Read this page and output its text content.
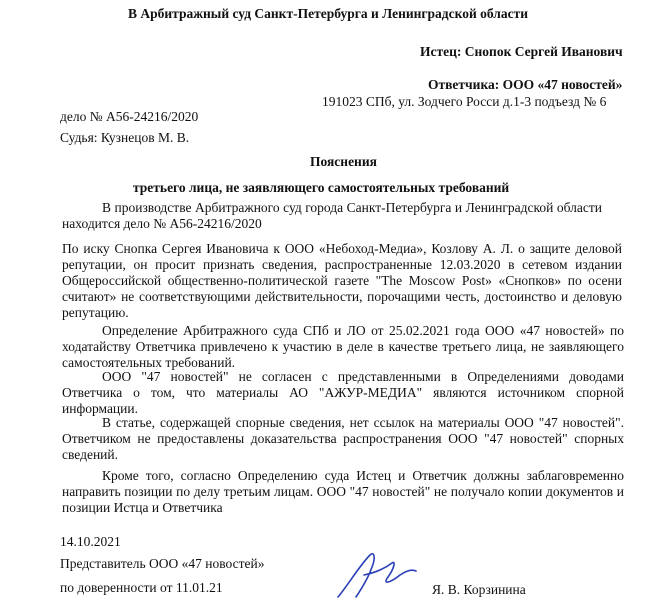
В Арбитражный суд Санкт-Петербурга и Ленинградской области
Истец: Снопок Сергей Иванович
Ответчика: ООО «47 новостей»
191023 СПб, ул. Зодчего Росси д.1-3 подъезд № 6
дело № А56-24216/2020
Судья: Кузнецов М. В.
Пояснения
третьего лица, не заявляющего самостоятельных требований
В производстве Арбитражного суд города Санкт-Петербурга и Ленинградской области находится дело № А56-24216/2020
По иску Снопка Сергея Ивановича к ООО «Небоход-Медиа», Козлову А. Л. о защите деловой репутации, он просит признать сведения, распространенные 12.03.2020 в сетевом издании Общероссийской общественно-политической газете "The Moscow Post» «Снопков» по осени считают» не соответствующими действительности, порочащими честь, достоинство и деловую репутацию.
Определение Арбитражного суда СПб и ЛО от 25.02.2021 года ООО «47 новостей» по ходатайству Ответчика привлечено к участию в деле в качестве третьего лица, не заявляющего самостоятельных требований.
ООО "47 новостей" не согласен с представленными в Определениями доводами Ответчика о том, что материалы АО "АЖУР-МЕДИА" являются источником спорной информации.
В статье, содержащей спорные сведения, нет ссылок на материалы ООО "47 новостей". Ответчиком не предоставлены доказательства распространения ООО "47 новостей" спорных сведений.
Кроме того, согласно Определению суда Истец и Ответчик должны заблаговременно направить позиции по делу третьим лицам. ООО "47 новостей" не получало копии документов и позиции Истца и Ответчика
14.10.2021
Представитель ООО «47 новостей»
по доверенности от 11.01.21	Я. В. Корзинина
